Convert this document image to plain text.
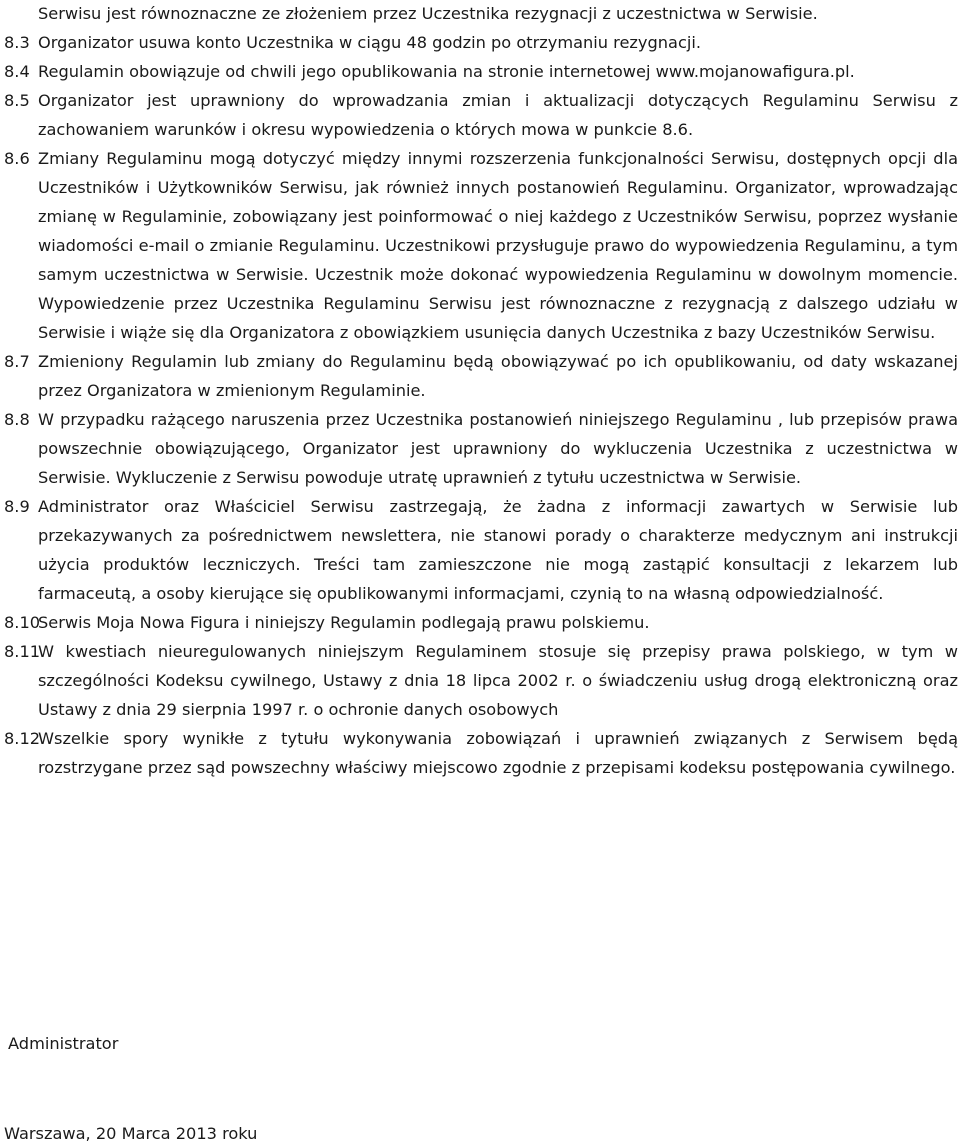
Serwisu jest równoznaczne ze złożeniem przez Uczestnika rezygnacji z uczestnictwa w Serwisie.
8.3 Organizator usuwa konto Uczestnika w ciągu 48 godzin po otrzymaniu rezygnacji.
8.4 Regulamin obowiązuje od chwili jego opublikowania na stronie internetowej www.mojanowafigura.pl.
8.5 Organizator jest uprawniony do wprowadzania zmian i aktualizacji dotyczących Regulaminu Serwisu z zachowaniem warunków i okresu wypowiedzenia o których mowa w punkcie 8.6.
8.6 Zmiany Regulaminu mogą dotyczyć między innymi rozszerzenia funkcjonalności Serwisu, dostępnych opcji dla Uczestników i Użytkowników Serwisu, jak również innych postanowień Regulaminu. Organizator, wprowadzając zmianę w Regulaminie, zobowiązany jest poinformować o niej każdego z Uczestników Serwisu, poprzez wysłanie wiadomości e-mail o zmianie Regulaminu. Uczestnikowi przysługuje prawo do wypowiedzenia Regulaminu, a tym samym uczestnictwa w Serwisie. Uczestnik może dokonać wypowiedzenia Regulaminu w dowolnym momencie. Wypowiedzenie przez Uczestnika Regulaminu Serwisu jest równoznaczne z rezygnacją z dalszego udziału w Serwisie i wiąże się dla Organizatora z obowiązkiem usunięcia danych Uczestnika z bazy Uczestników Serwisu.
8.7 Zmieniony Regulamin lub zmiany do Regulaminu będą obowiązywać po ich opublikowaniu, od daty wskazanej przez Organizatora w zmienionym Regulaminie.
8.8 W przypadku rażącego naruszenia przez Uczestnika postanowień niniejszego Regulaminu , lub przepisów prawa powszechnie obowiązującego, Organizator jest uprawniony do wykluczenia Uczestnika z uczestnictwa w Serwisie. Wykluczenie z Serwisu powoduje utratę uprawnień z tytułu uczestnictwa w Serwisie.
8.9 Administrator oraz Właściciel Serwisu zastrzegają, że żadna z informacji zawartych w Serwisie lub przekazywanych za pośrednictwem newslettera, nie stanowi porady o charakterze medycznym ani instrukcji użycia produktów leczniczych. Treści tam zamieszczone nie mogą zastąpić konsultacji z lekarzem lub farmaceutą, a osoby kierujące się opublikowanymi informacjami, czynią to na własną odpowiedzialność.
8.10
Serwis Moja Nowa Figura i niniejszy Regulamin podlegają prawu polskiemu.
8.11
W kwestiach nieuregulowanych niniejszym Regulaminem stosuje się przepisy prawa polskiego, w tym w szczególności Kodeksu cywilnego, Ustawy z dnia 18 lipca 2002 r. o świadczeniu usług drogą elektroniczną oraz Ustawy z dnia 29 sierpnia 1997 r. o ochronie danych osobowych
8.12
Wszelkie spory wynikłe z tytułu wykonywania zobowiązań i uprawnień związanych z Serwisem będą rozstrzygane przez sąd powszechny właściwy miejscowo zgodnie z przepisami kodeksu postępowania cywilnego.
Administrator
Warszawa, 20 Marca 2013 roku
